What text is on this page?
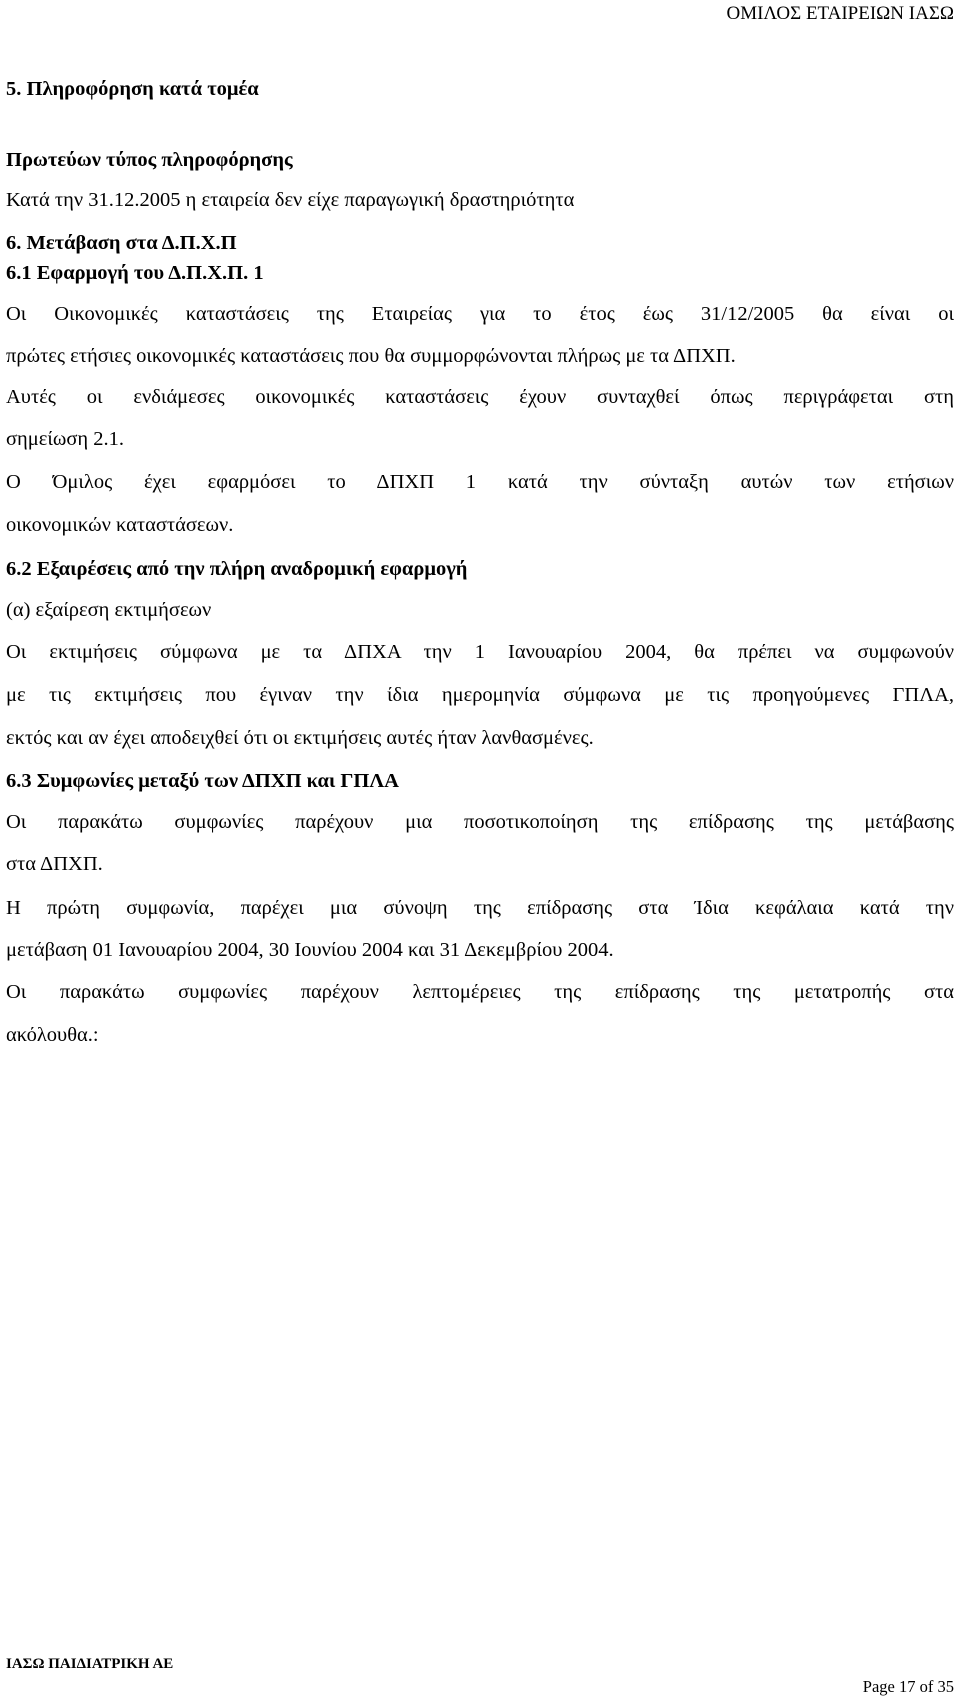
ΟΜΙΛΟΣ ΕΤΑΙΡΕΙΩΝ ΙΑΣΩ
5. Πληροφόρηση κατά τομέα
Πρωτεύων τύπος πληροφόρησης
Κατά την 31.12.2005 η εταιρεία δεν είχε παραγωγική δραστηριότητα
6. Μετάβαση στα Δ.Π.Χ.Π
6.1 Εφαρμογή του Δ.Π.Χ.Π. 1
Οι Οικονομικές καταστάσεις της Εταιρείας για το έτος έως 31/12/2005 θα είναι οι
πρώτες ετήσιες οικονομικές καταστάσεις που θα συμμορφώνονται πλήρως με τα ΔΠΧΠ.
Αυτές οι ενδιάμεσες οικονομικές καταστάσεις έχουν συνταχθεί όπως περιγράφεται στη
σημείωση 2.1.
Ο Όμιλος έχει εφαρμόσει το ΔΠΧΠ 1 κατά την σύνταξη αυτών των ετήσιων
οικονομικών καταστάσεων.
6.2 Εξαιρέσεις από την πλήρη αναδρομική εφαρμογή
(α) εξαίρεση εκτιμήσεων
Οι εκτιμήσεις σύμφωνα με τα ΔΠΧΑ την 1 Ιανουαρίου 2004, θα πρέπει να συμφωνούν
με τις εκτιμήσεις που έγιναν την ίδια ημερομηνία σύμφωνα με τις προηγούμενες ΓΠΛΑ,
εκτός και αν έχει αποδειχθεί ότι οι εκτιμήσεις αυτές ήταν λανθασμένες.
6.3 Συμφωνίες μεταξύ των ΔΠΧΠ και ΓΠΛΑ
Οι παρακάτω συμφωνίες παρέχουν μια ποσοτικοποίηση της επίδρασης της μετάβασης
στα ΔΠΧΠ.
Η πρώτη συμφωνία, παρέχει μια σύνοψη της επίδρασης στα Ίδια κεφάλαια κατά την
μετάβαση 01 Ιανουαρίου 2004, 30 Ιουνίου 2004 και 31 Δεκεμβρίου 2004.
Οι παρακάτω συμφωνίες παρέχουν λεπτομέρειες της επίδρασης της μετατροπής στα
ακόλουθα.:
ΙΑΣΩ ΠΑΙΔΙΑΤΡΙΚΗ ΑΕ
Page 17 of 35
